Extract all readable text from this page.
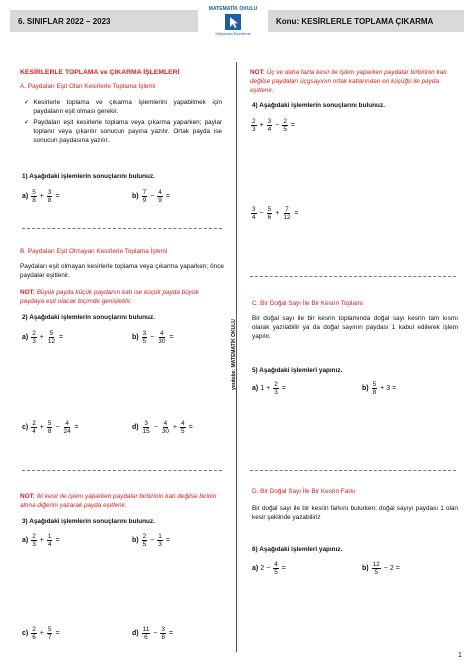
6. SINIFLAR 2022 – 2023
MATEMATİK OKULU
Süleyman Bozdemir
Konu: KESİRLERLE TOPLAMA ÇIKARMA
youtube: MATEMATİK OKULU
KESİRLERLE TOPLAMA ve ÇIKARMA İŞLEMLERİ
A. Paydaları Eşit Olan Kesirlerle Toplama İşlemi
✓ Kesirlerle toplama ve çıkarma işlemlerini yapabilmek için paydaların eşit olması gerekir.
✓ Paydaları eşit kesirlerle toplama veya çıkarma yaparken; paylar toplanır veya çıkarılır sonucun payına yazılır. Ortak payda ise sonucun paydasına yazılır.
1) Aşağıdaki işlemlerin sonuçlarını bulunuz.
$a) \frac{5}{8} + \frac{3}{8}$ =	$b) \frac{7}{9} - \frac{4}{9}$ =
B. Paydaları Eşit Olmayan Kesirlerle Toplama İşlemi
Paydaları eşit olmayan kesirlerle toplama veya çıkarma yaparken; önce paydalar eşitlenir.
NOT: Büyük payda küçük paydanın katı ise küçük payda büyük paydaya eşit olacak biçimde genişletilir.
2) Aşağıdaki işlemlerin sonuçlarını bulunuz.
$a) \frac{2}{3} + \frac{5}{12}$ =	$b) \frac{3}{5} - \frac{4}{30}$ =
$c) \frac{2}{4} + \frac{5}{8} - \frac{4}{24}$ =	$d) \frac{3}{15} - \frac{4}{30} + \frac{4}{5}$ =
NOT: İki kesir ile işlem yaparken paydalar birbirinin katı değilse birinin altına diğerini yazarak payda eşitlenir.
3) Aşağıdaki işlemlerin sonuçlarını bulunuz.
$a) \frac{2}{3} + \frac{1}{4}$ =	$b) \frac{2}{5} - \frac{1}{3}$ =
$c) \frac{2}{6} + \frac{5}{7}$ =	$d) \frac{11}{6} - \frac{3}{8}$ =
NOT: Üç ve daha fazla kesir ile işlem yaparken paydalar birbirinin katı değilse paydaları üçgsayının ortak katlarından en küçüğü ile payda eşitlenir.
4) Aşağıdaki işlemlerin sonuçlarını bulunuz.
$\frac{2}{3} + \frac{3}{4} - \frac{2}{5}$ =
$\frac{3}{4} - \frac{5}{6} + \frac{7}{12}$ =
C. Bir Doğal Sayı İle Bir Kesrin Toplamı
Bir doğal sayı ile bir kesrin toplamında doğal sayı kesrin tam kısmı olarak yazılabilir ya da doğal sayının paydası 1 kabul edilerek işlem yapılır.
5) Aşağıdaki işlemleri yapınız.
a) $1 + \frac{2}{3}$ =	$b) \frac{5}{8} + 3$ =
D. Bir Doğal Sayı İle Bir Kesrin Farkı
Bir doğal sayı ile bir kesrin farkını bulurken; doğal sayıyı paydası 1 olan kesir şeklinde yazabiliriz
6) Aşağıdaki işlemleri yapınız.
a) $2 - \frac{4}{5}$ =	$b) \frac{12}{5} - 2$ =
1
